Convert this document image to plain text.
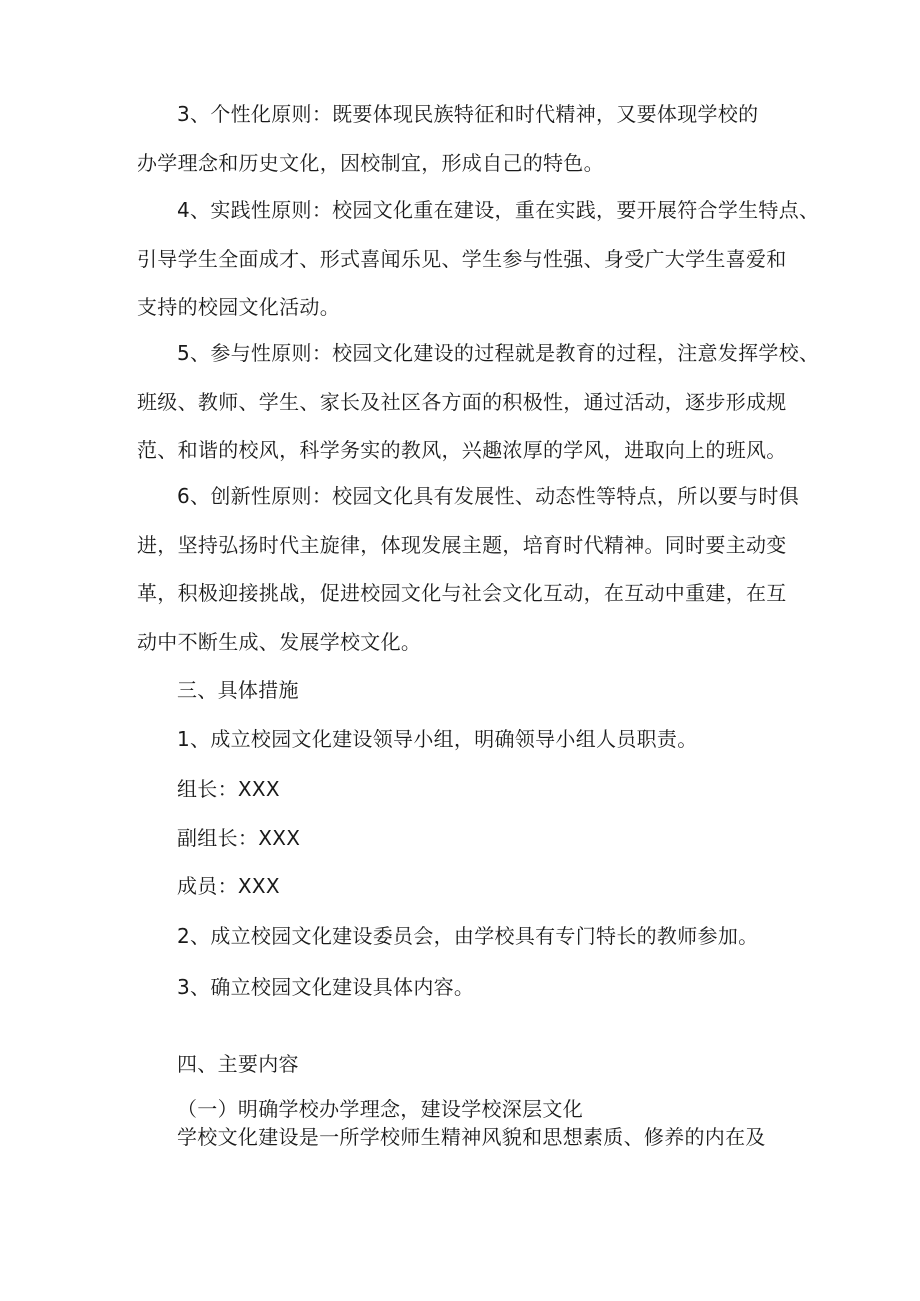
3、个性化原则：既要体现民族特征和时代精神，又要体现学校的
办学理念和历史文化，因校制宜，形成自己的特色。

4、实践性原则：校园文化重在建设，重在实践，要开展符合学生特点、
引导学生全面成才、形式喜闻乐见、学生参与性强、身受广大学生喜爱和
支持的校园文化活动。

5、参与性原则：校园文化建设的过程就是教育的过程，注意发挥学校、
班级、教师、学生、家长及社区各方面的积极性，通过活动，逐步形成规
范、和谐的校风，科学务实的教风，兴趣浓厚的学风，进取向上的班风。

6、创新性原则：校园文化具有发展性、动态性等特点，所以要与时俱
进，坚持弘扬时代主旋律，体现发展主题，培育时代精神。同时要主动变
革，积极迎接挑战，促进校园文化与社会文化互动，在互动中重建，在互
动中不断生成、发展学校文化。

三、具体措施

1、成立校园文化建设领导小组，明确领导小组人员职责。

组长：XXX

副组长：XXX

成员：XXX

2、成立校园文化建设委员会，由学校具有专门特长的教师参加。

3、确立校园文化建设具体内容。

四、主要内容

（一）明确学校办学理念，建设学校深层文化

学校文化建设是一所学校师生精神风貌和思想素质、修养的内在及
